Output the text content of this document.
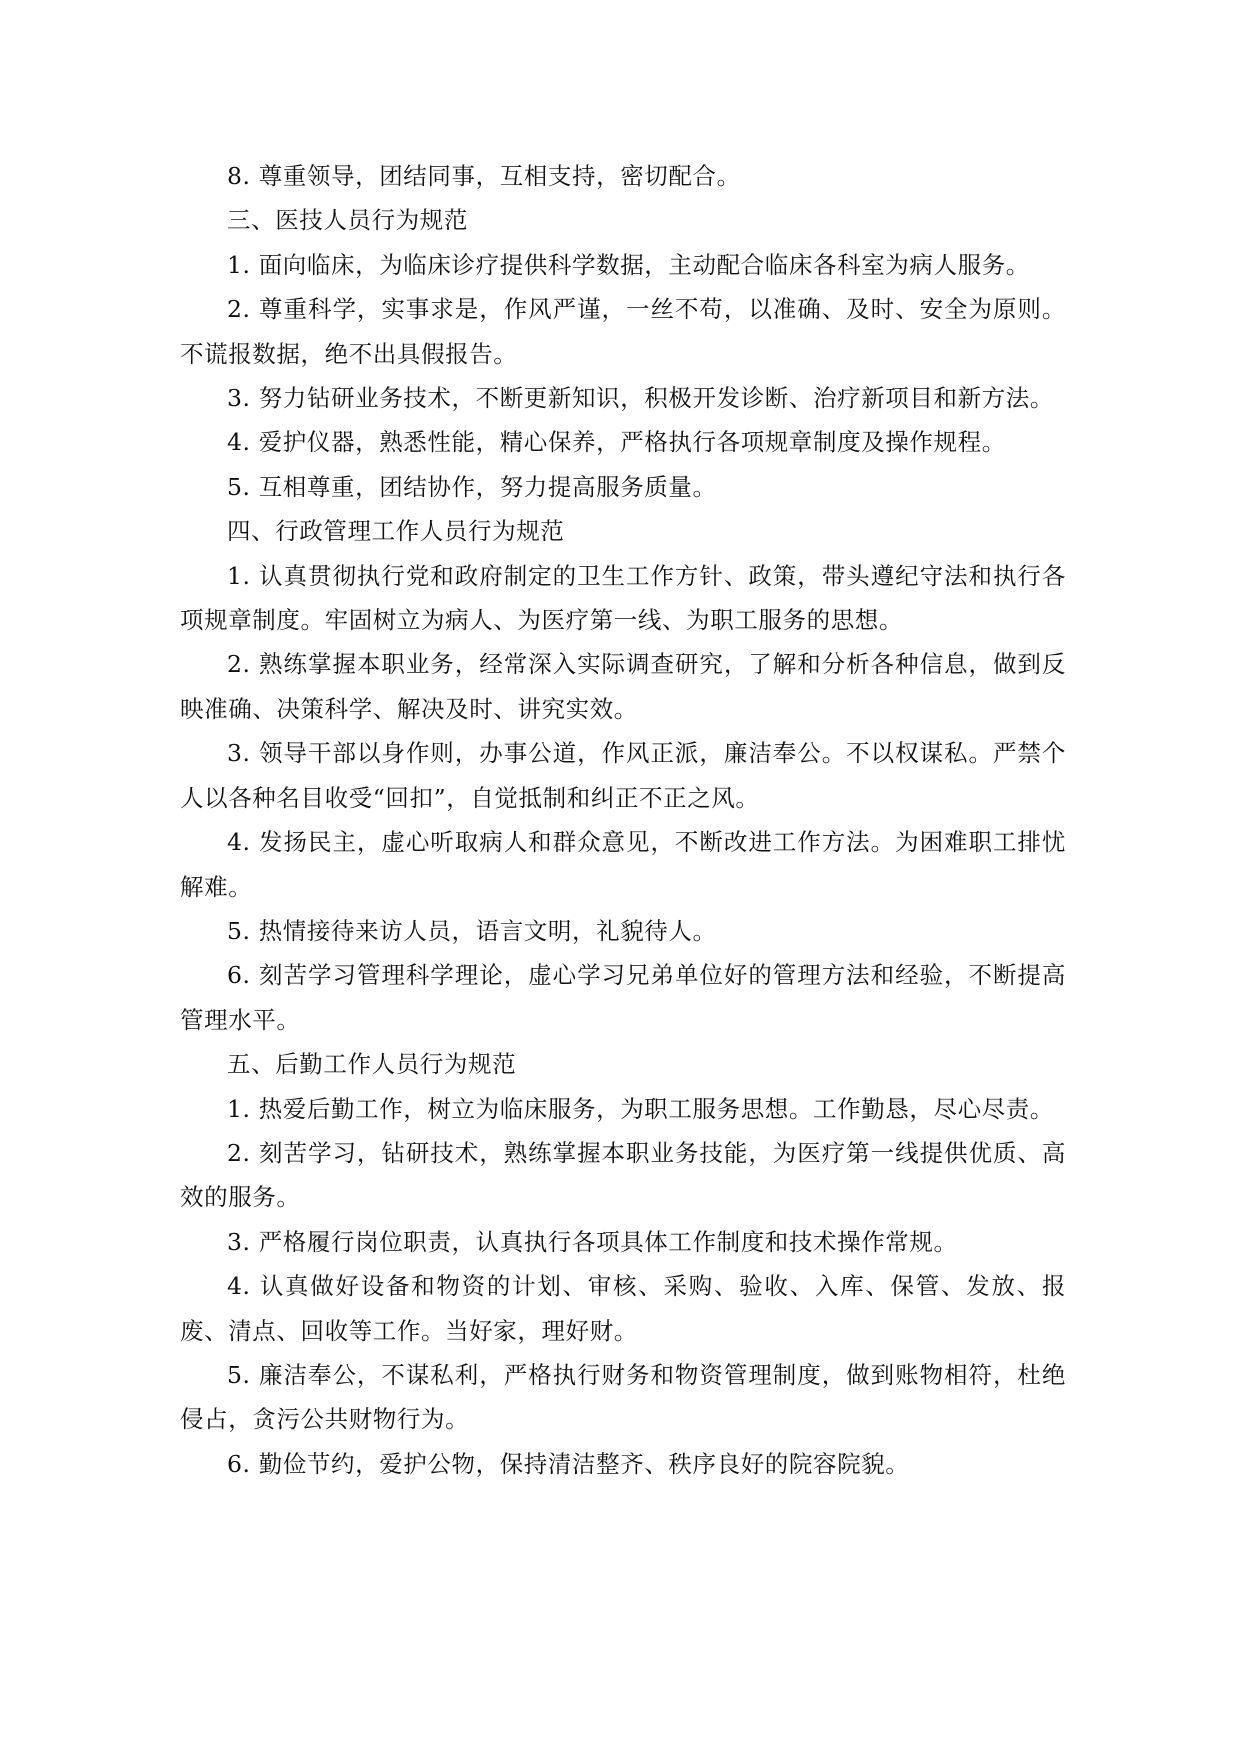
8. 尊重领导，团结同事，互相支持，密切配合。

三、医技人员行为规范

1. 面向临床，为临床诊疗提供科学数据，主动配合临床各科室为病人服务。

2. 尊重科学，实事求是，作风严谨，一丝不苟，以准确、及时、安全为原则。不谎报数据，绝不出具假报告。

3. 努力钻研业务技术，不断更新知识，积极开发诊断、治疗新项目和新方法。

4. 爱护仪器，熟悉性能，精心保养，严格执行各项规章制度及操作规程。

5. 互相尊重，团结协作，努力提高服务质量。

四、行政管理工作人员行为规范

1. 认真贯彻执行党和政府制定的卫生工作方针、政策，带头遵纪守法和执行各项规章制度。牢固树立为病人、为医疗第一线、为职工服务的思想。

2. 熟练掌握本职业务，经常深入实际调查研究，了解和分析各种信息，做到反映准确、决策科学、解决及时、讲究实效。

3. 领导干部以身作则，办事公道，作风正派，廉洁奉公。不以权谋私。严禁个人以各种名目收受“回扣”，自觉抵制和纠正不正之风。

4. 发扬民主，虚心听取病人和群众意见，不断改进工作方法。为困难职工排忧解难。

5. 热情接待来访人员，语言文明，礼貌待人。

6. 刻苦学习管理科学理论，虚心学习兄弟单位好的管理方法和经验，不断提高管理水平。

五、后勤工作人员行为规范

1. 热爱后勤工作，树立为临床服务，为职工服务思想。工作勤恳，尽心尽责。

2. 刻苦学习，钻研技术，熟练掌握本职业务技能，为医疗第一线提供优质、高效的服务。

3. 严格履行岗位职责，认真执行各项具体工作制度和技术操作常规。

4. 认真做好设备和物资的计划、审核、采购、验收、入库、保管、发放、报废、清点、回收等工作。当好家，理好财。

5. 廉洁奉公，不谋私利，严格执行财务和物资管理制度，做到账物相符，杜绝侵占，贪污公共财物行为。

6. 勤俭节约，爱护公物，保持清洁整齐、秩序良好的院容院貌。
